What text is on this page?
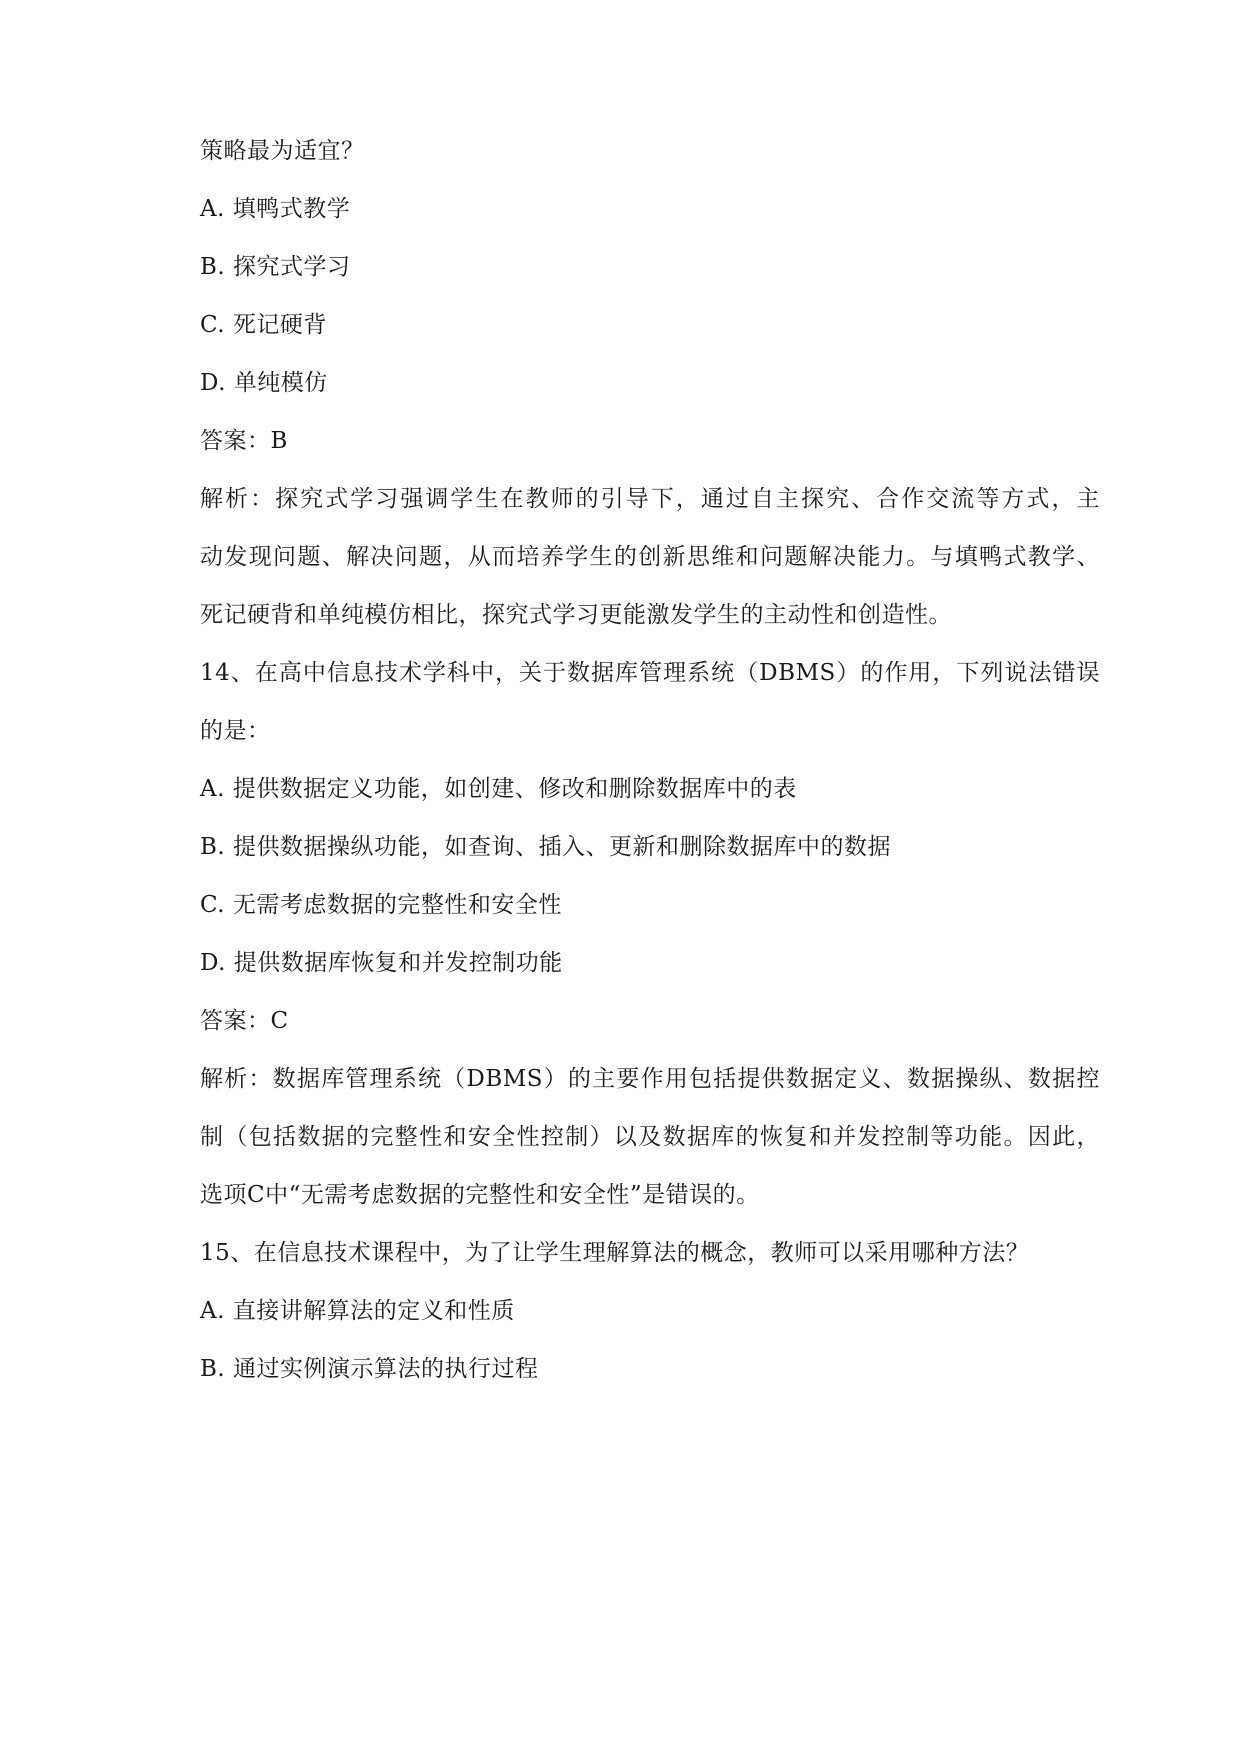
策略最为适宜？
A. 填鸭式教学
B. 探究式学习
C. 死记硬背
D. 单纯模仿
答案：B
解析：探究式学习强调学生在教师的引导下，通过自主探究、合作交流等方式，主
动发现问题、解决问题，从而培养学生的创新思维和问题解决能力。与填鸭式教学、
死记硬背和单纯模仿相比，探究式学习更能激发学生的主动性和创造性。
14、在高中信息技术学科中，关于数据库管理系统（DBMS）的作用，下列说法错误
的是：
A. 提供数据定义功能，如创建、修改和删除数据库中的表
B. 提供数据操纵功能，如查询、插入、更新和删除数据库中的数据
C. 无需考虑数据的完整性和安全性
D. 提供数据库恢复和并发控制功能
答案：C
解析：数据库管理系统（DBMS）的主要作用包括提供数据定义、数据操纵、数据控
制（包括数据的完整性和安全性控制）以及数据库的恢复和并发控制等功能。因此，
选项C中“无需考虑数据的完整性和安全性”是错误的。
15、在信息技术课程中，为了让学生理解算法的概念，教师可以采用哪种方法？
A. 直接讲解算法的定义和性质
B. 通过实例演示算法的执行过程
